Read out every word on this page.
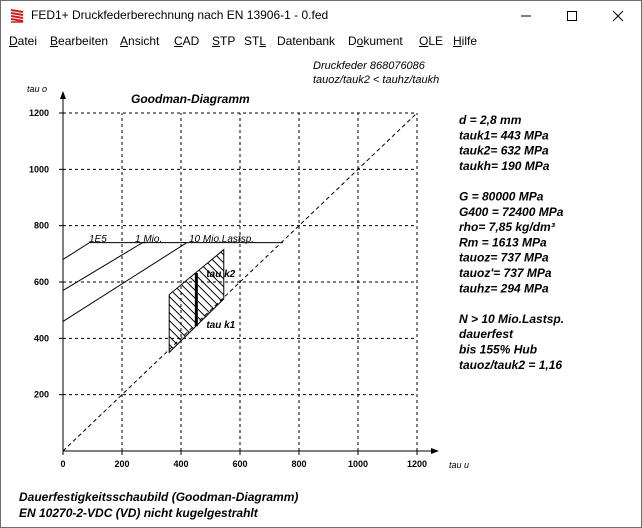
FED1+ Druckfederberechnung nach EN 13906-1 - 0.fed
Datei Bearbeiten Ansicht CAD STP STL Datenbank Dokument OLE Hilfe
0	200	400	600	800	1000	1200
200
400
600
800
1000
1200
tau k2
tau k1
1E5	1 Mio.	10 Mio.Lastsp.
Druckfeder 868076086
tauoz/tauk2 < tauhz/taukh
Goodman-Diagramm
tau o
tau u
d = 2,8 mm
tauk1= 443 MPa
tauk2= 632 MPa
taukh= 190 MPa
G = 80000 MPa
G400 = 72400 MPa
rho= 7,85 kg/dm³
Rm = 1613 MPa
tauoz= 737 MPa
tauoz'= 737 MPa
tauhz= 294 MPa
N > 10 Mio.Lastsp.
dauerfest
bis 155% Hub
tauoz/tauk2 = 1,16
Dauerfestigkeitsschaubild (Goodman-Diagramm)
EN 10270-2-VDC (VD) nicht kugelgestrahlt
